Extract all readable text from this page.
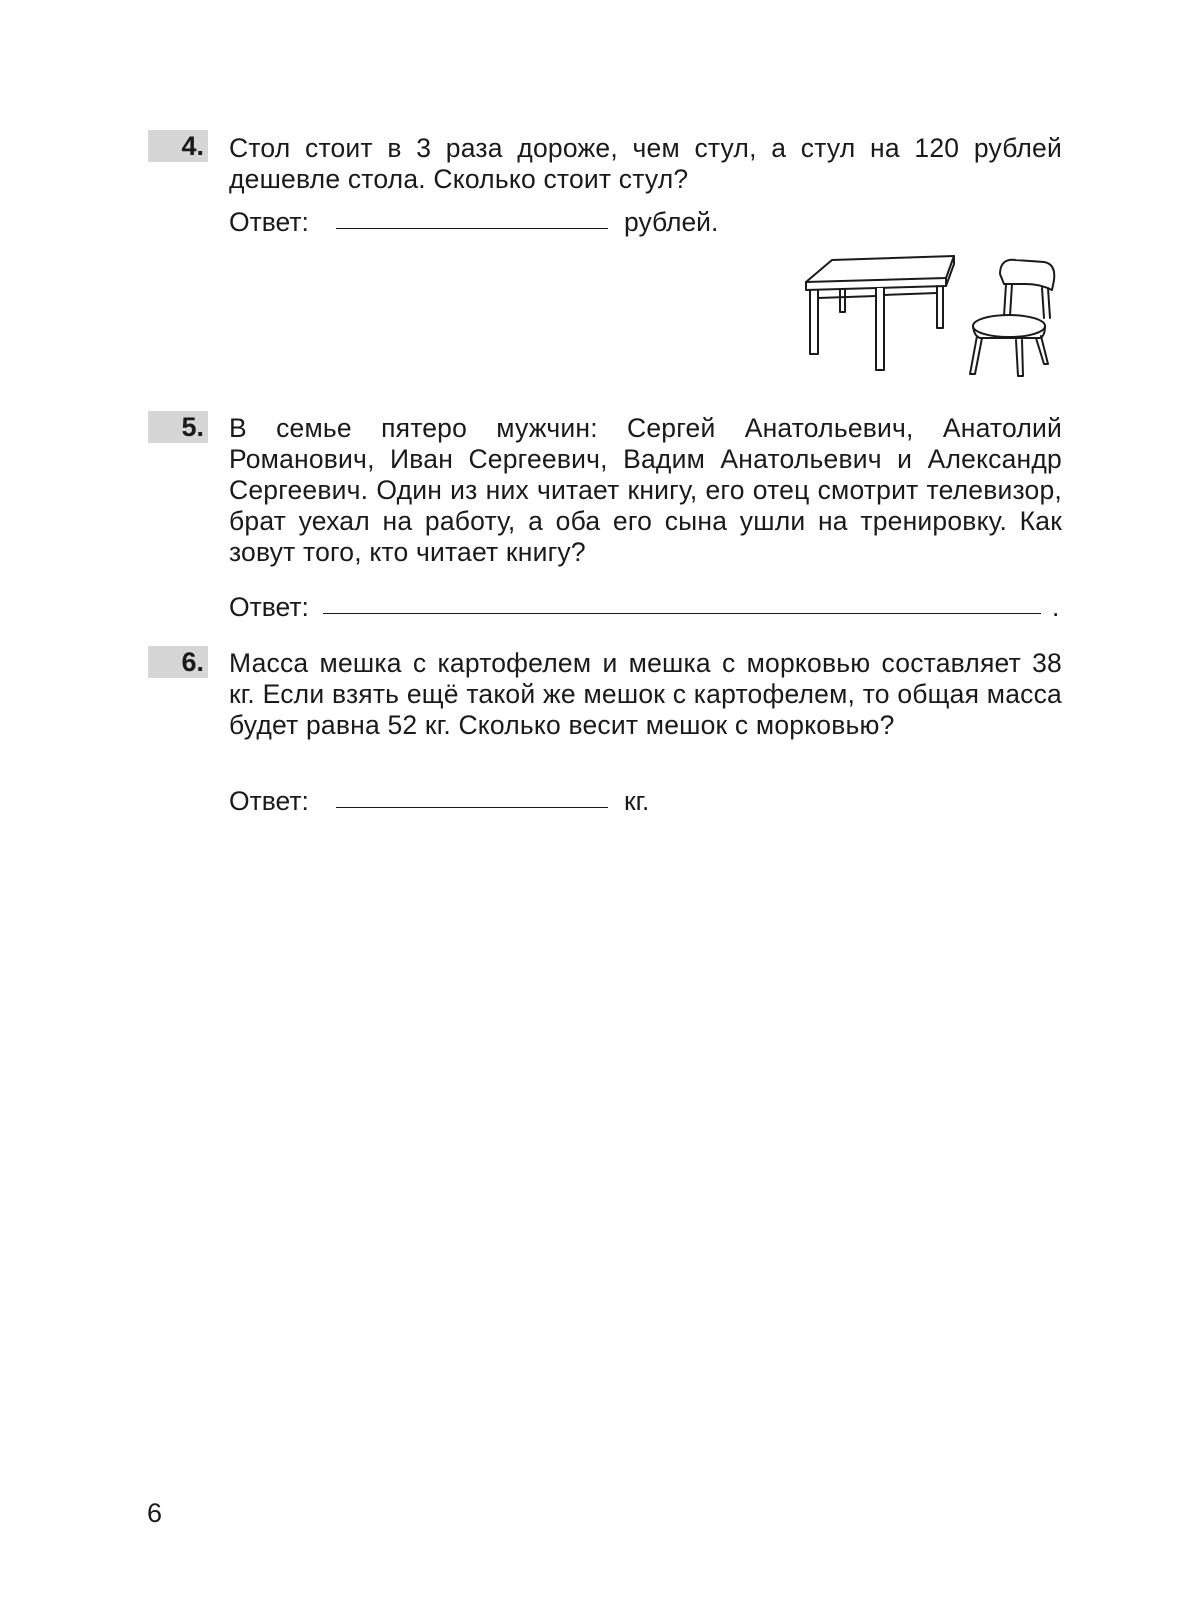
4. Стол стоит в 3 раза дороже, чем стул, а стул на 120 рублей дешевле стола. Сколько стоит стул?
Ответ:	рублей.
5. В семье пятеро мужчин: Сергей Анатольевич, Анатолий Романович, Иван Сергеевич, Вадим Анатольевич и Александр Сергеевич. Один из них читает книгу, его отец смотрит телевизор, брат уехал на работу, а оба его сына ушли на тренировку. Как зовут того, кто читает книгу?
Ответ:	.
6. Масса мешка с картофелем и мешка с морковью составляет 38 кг. Если взять ещё такой же мешок с картофелем, то общая масса будет равна 52 кг. Сколько весит мешок с морковью?
Ответ:	кг.
6
